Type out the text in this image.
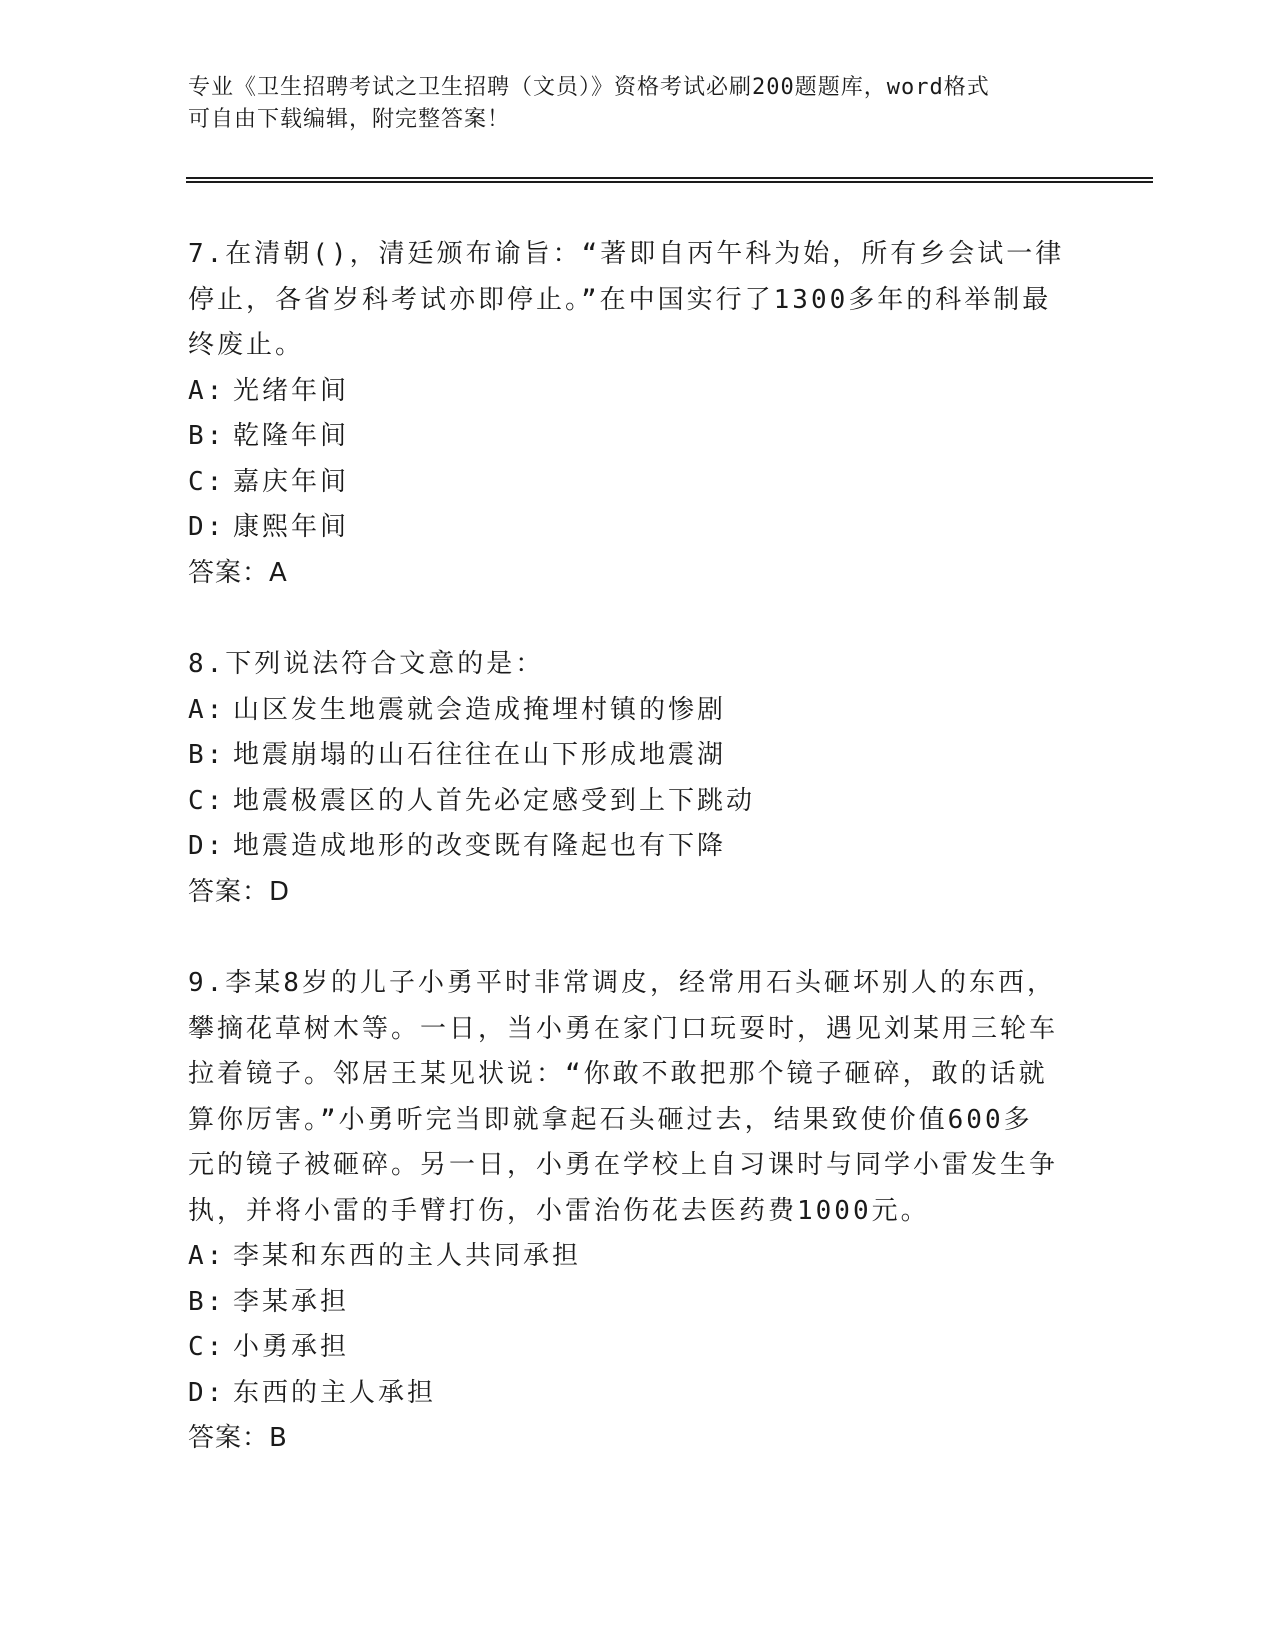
专业《卫生招聘考试之卫生招聘（文员）》资格考试必刷200题题库，word格式
可自由下载编辑，附完整答案！

7.在清朝()，清廷颁布谕旨：“著即自丙午科为始，所有乡会试一律

停止，各省岁科考试亦即停止。”在中国实行了1300多年的科举制最

终废止。

A: 光绪年间

B: 乾隆年间

C: 嘉庆年间

D: 康熙年间

答案：A

8.下列说法符合文意的是：

A: 山区发生地震就会造成掩埋村镇的惨剧

B: 地震崩塌的山石往往在山下形成地震湖

C: 地震极震区的人首先必定感受到上下跳动

D: 地震造成地形的改变既有隆起也有下降

答案：D

9.李某8岁的儿子小勇平时非常调皮，经常用石头砸坏别人的东西，

攀摘花草树木等。一日，当小勇在家门口玩耍时，遇见刘某用三轮车

拉着镜子。邻居王某见状说：“你敢不敢把那个镜子砸碎，敢的话就

算你厉害。”小勇听完当即就拿起石头砸过去，结果致使价值600多

元的镜子被砸碎。另一日，小勇在学校上自习课时与同学小雷发生争

执，并将小雷的手臂打伤，小雷治伤花去医药费1000元。

A: 李某和东西的主人共同承担

B: 李某承担

C: 小勇承担

D: 东西的主人承担

答案：B
